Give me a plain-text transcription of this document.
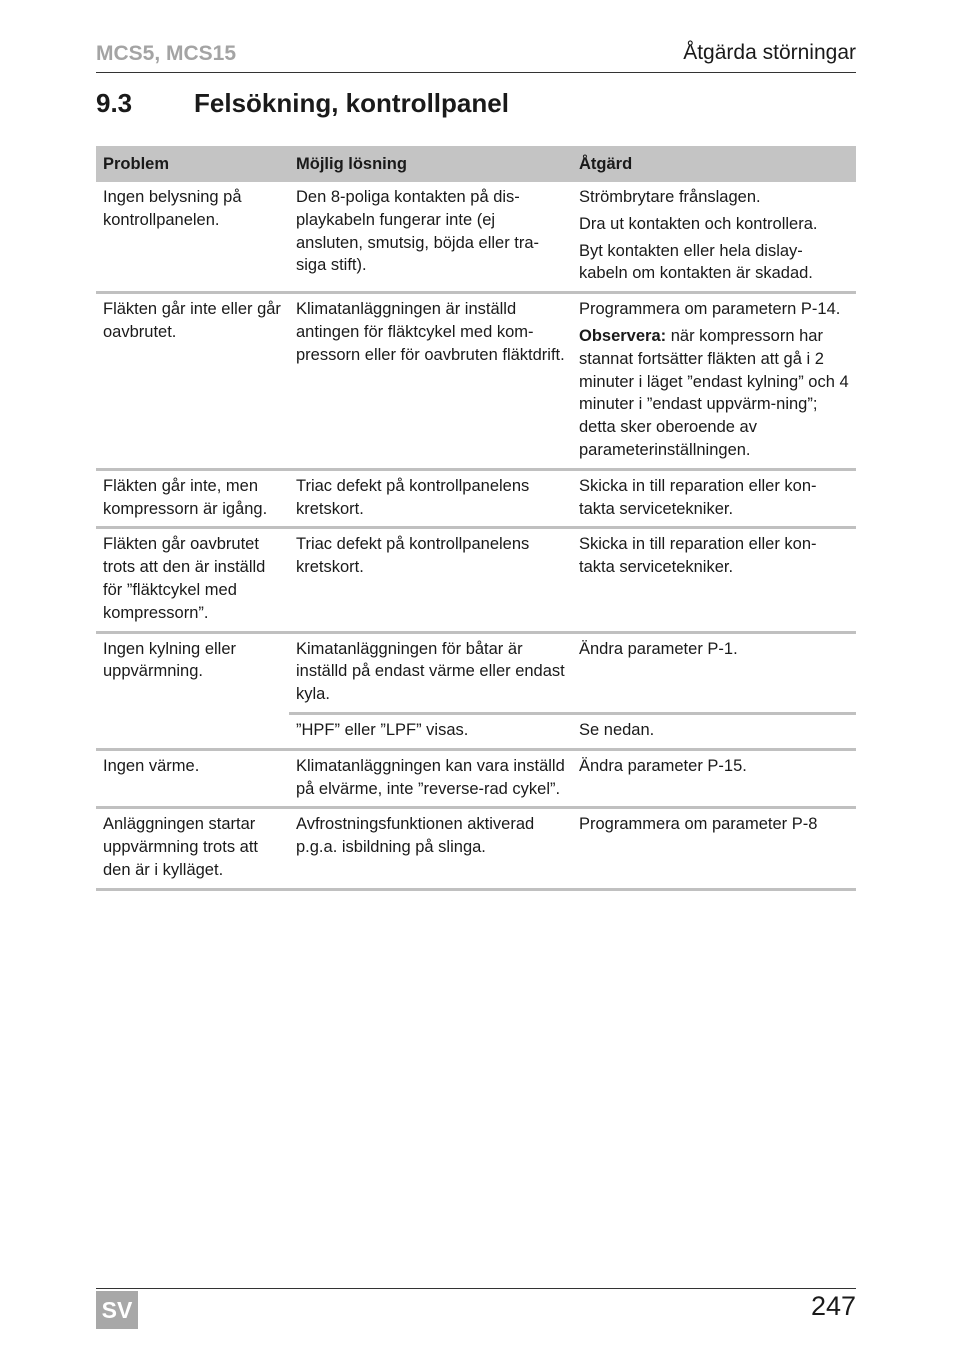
MCS5, MCS15	Åtgärda störningar
9.3 Felsökning, kontrollpanel
Problem	Möjlig lösning	Åtgärd
Ingen belysning på kontrollpanelen.	Den 8-poliga kontakten på dis-playkabeln fungerar inte (ej ansluten, smutsig, böjda eller tra-siga stift).	Strömbrytare frånslagen.
Dra ut kontakten och kontrollera.
Byt kontakten eller hela dislay-kabeln om kontakten är skadad.

Fläkten går inte eller går oavbrutet.	Klimatanläggningen är inställd antingen för fläktcykel med kom-pressorn eller för oavbruten fläktdrift.	Programmera om parametern P-14.
Observera: när kompressorn har stannat fortsätter fläkten att gå i 2 minuter i läget ”endast kylning” och 4 minuter i ”endast uppvärm-ning”; detta sker oberoende av parameterinställningen.

Fläkten går inte, men kompressorn är igång.	Triac defekt på kontrollpanelens kretskort.	Skicka in till reparation eller kon-takta servicetekniker.
Fläkten går oavbrutet trots att den är inställd för ”fläktcykel med kompressorn”.	Triac defekt på kontrollpanelens kretskort.	Skicka in till reparation eller kon-takta servicetekniker.
Ingen kylning eller uppvärmning.	Kimatanläggningen för båtar är inställd på endast värme eller endast kyla.	Ändra parameter P-1.
	”HPF” eller ”LPF” visas.	Se nedan.
Ingen värme.	Klimatanläggningen kan vara inställd på elvärme, inte ”reverse-rad cykel”.	Ändra parameter P-15.
Anläggningen startar uppvärmning trots att den är i kylläget.	Avfrostningsfunktionen aktiverad p.g.a. isbildning på slinga.	Programmera om parameter P-8
SV	247
